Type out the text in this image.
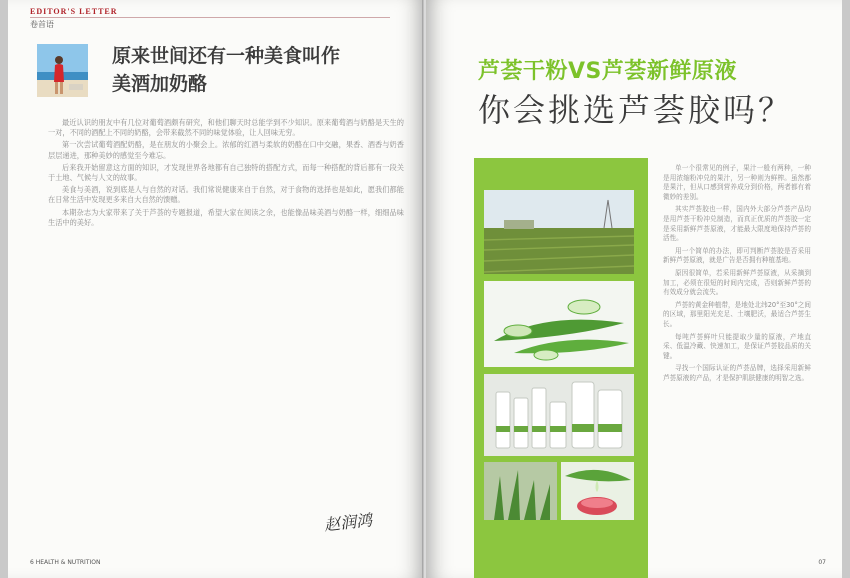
EDITOR'S LETTER
卷首语
原来世间还有一种美食叫作
美酒加奶酪

最近认识的朋友中有几位对葡萄酒颇有研究，和他们聊天时总能学到不少知识。原来葡萄酒与奶酪是天生的一对，不同的酒配上不同的奶酪，会带来截然不同的味觉体验，让人回味无穷。

第一次尝试葡萄酒配奶酪，是在朋友的小聚会上。浓郁的红酒与柔软的奶酪在口中交融，果香、酒香与奶香层层递进，那种美妙的感觉至今难忘。

后来我开始留意这方面的知识，才发现世界各地都有自己独特的搭配方式，而每一种搭配的背后都有一段关于土地、气候与人文的故事。

美食与美酒，说到底是人与自然的对话。我们常说健康来自于自然，对于食物的选择也是如此，愿我们都能在日常生活中发现更多来自大自然的馈赠。

本期杂志为大家带来了关于芦荟的专题报道，希望大家在阅读之余，也能像品味美酒与奶酪一样，细细品味生活中的美好。

赵润鸿
6 HEALTH & NUTRITION
芦荟干粉VS芦荟新鲜原液
你会挑选芦荟胶吗？

单一个很常见的例子，果汁一般有两种，一种是用浓缩粉冲兑的果汁，另一种则为鲜榨。虽然都是果汁，但从口感到营养成分到价格，两者都有着微妙的差别。

其实芦荟胶也一样，国内外大部分芦荟产品均是用芦荟干粉冲兑制造，而真正优质的芦荟胶一定是采用新鲜芦荟原液，才能最大限度地保持芦荟的活性。

用一个简单的办法，即可判断芦荟胶是否采用新鲜芦荟原液，就是广告是否拥有种植基地。

原因很简单，若采用新鲜芦荟原液，从采摘到加工，必须在很短的时间内完成，否则新鲜芦荟的有效成分就会流失。

芦荟的黄金种植带，是地处北纬20°至30°之间的区域，那里阳光充足、土壤肥沃，最适合芦荟生长。

每吨芦荟鲜叶只能提取少量的原液，产地直采、低温冷藏、快速加工，是保证芦荟胶品质的关键。

寻找一个国际认证的芦荟品牌，选择采用新鲜芦荟原液的产品，才是保护肌肤健康的明智之选。

07
